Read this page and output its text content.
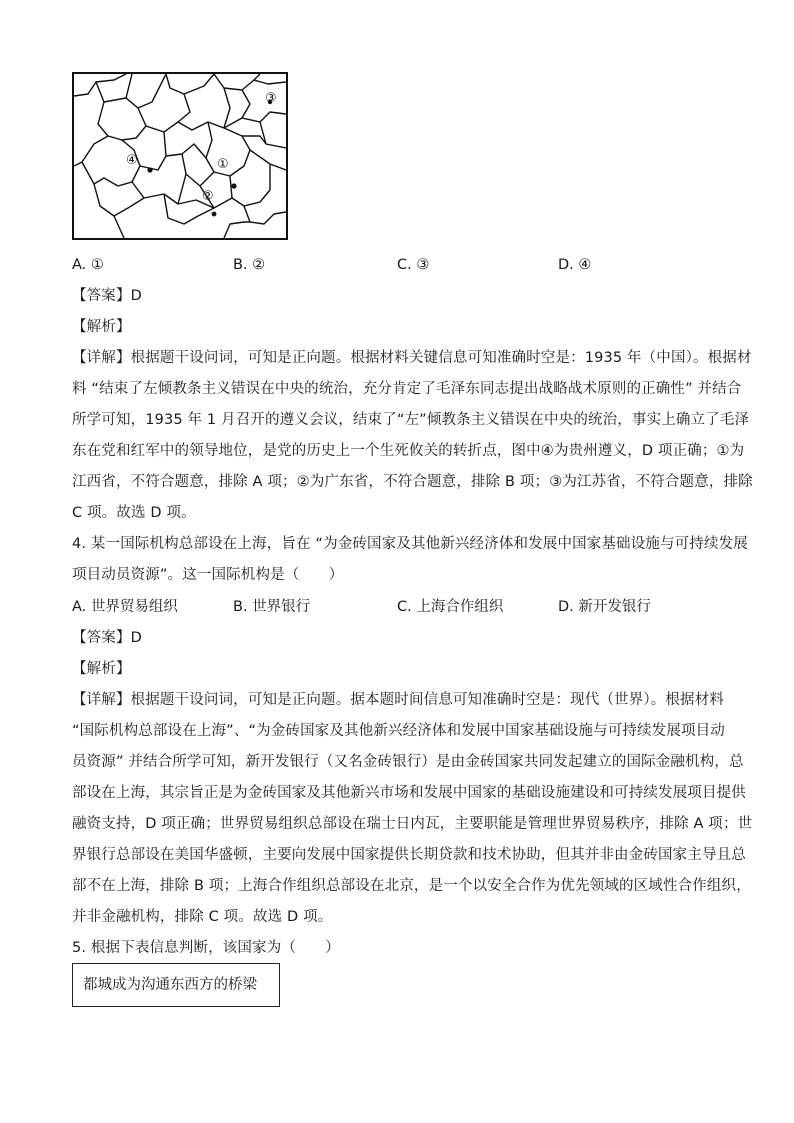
①
②
③
④
A. ①	B. ②	C. ③	D. ④
【答案】D
【解析】
【详解】根据题干设问词，可知是正向题。根据材料关键信息可知准确时空是：1935 年（中国）。根据材
料 “结束了左倾教条主义错误在中央的统治，充分肯定了毛泽东同志提出战略战术原则的正确性” 并结合
所学可知，1935 年 1 月召开的遵义会议，结束了“左”倾教条主义错误在中央的统治，事实上确立了毛泽
东在党和红军中的领导地位，是党的历史上一个生死攸关的转折点，图中④为贵州遵义，D 项正确；①为
江西省，不符合题意，排除 A 项；②为广东省，不符合题意，排除 B 项；③为江苏省，不符合题意，排除
C 项。故选 D 项。
4. 某一国际机构总部设在上海，旨在 “为金砖国家及其他新兴经济体和发展中国家基础设施与可持续发展
项目动员资源”。这一国际机构是（　　）
A. 世界贸易组织	B. 世界银行	C. 上海合作组织	D. 新开发银行
【答案】D
【解析】
【详解】根据题干设问词，可知是正向题。据本题时间信息可知准确时空是：现代（世界）。根据材料
“国际机构总部设在上海”、“为金砖国家及其他新兴经济体和发展中国家基础设施与可持续发展项目动
员资源” 并结合所学可知，新开发银行（又名金砖银行）是由金砖国家共同发起建立的国际金融机构，总
部设在上海，其宗旨正是为金砖国家及其他新兴市场和发展中国家的基础设施建设和可持续发展项目提供
融资支持，D 项正确；世界贸易组织总部设在瑞士日内瓦，主要职能是管理世界贸易秩序，排除 A 项；世
界银行总部设在美国华盛顿，主要向发展中国家提供长期贷款和技术协助，但其并非由金砖国家主导且总
部不在上海，排除 B 项；上海合作组织总部设在北京，是一个以安全合作为优先领域的区域性合作组织，
并非金融机构，排除 C 项。故选 D 项。
5. 根据下表信息判断，该国家为（　　）
都城成为沟通东西方的桥梁
